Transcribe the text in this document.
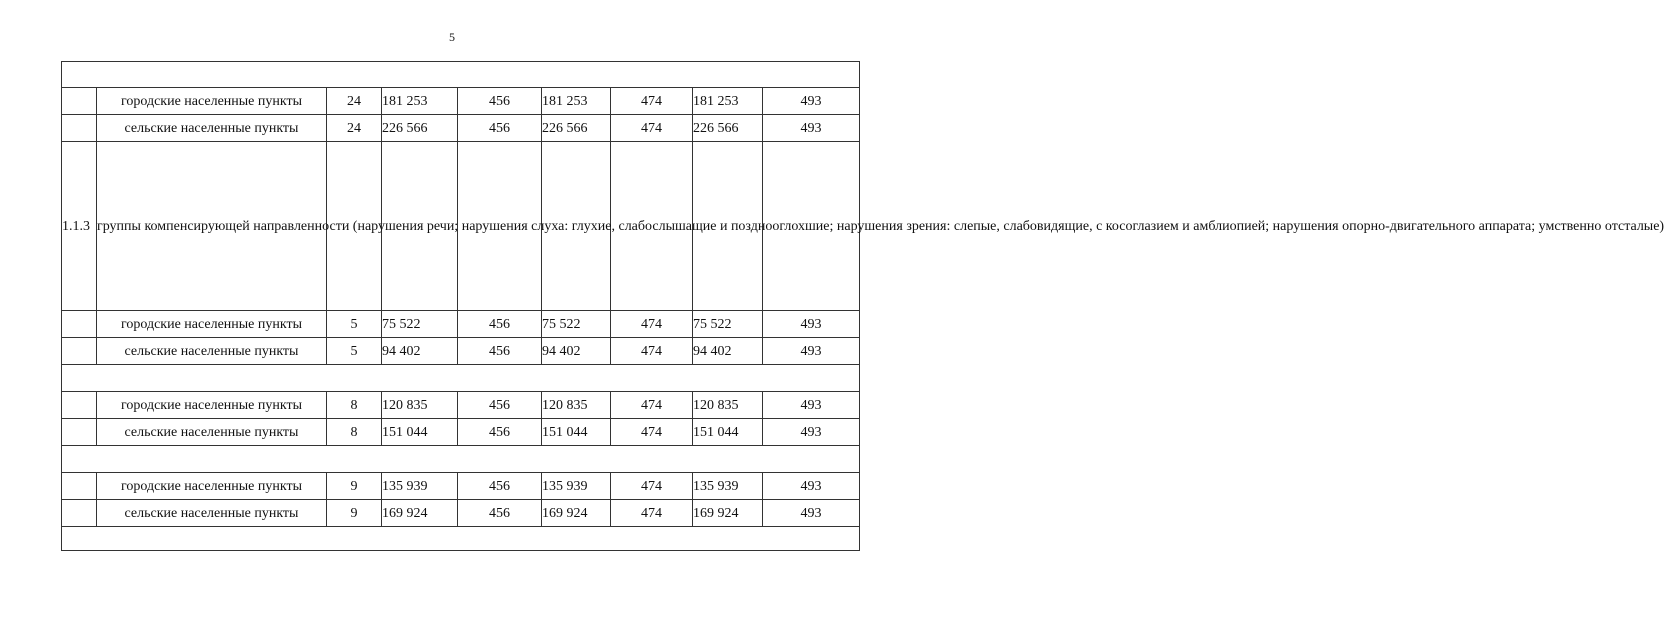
5

	городские населенные пункты	24	181 253	456	181 253	474	181 253	493
	сельские населенные пункты	24	226 566	456	226 566	474	226 566	493
1.1.3	группы компенсирующей направленности (нарушения речи; нарушения слуха: глухие, слабослышащие и позднооглохшие; нарушения зрения: слепые, слабовидящие, с косоглазием и амблиопией; нарушения опорно-двигательного аппарата; умственно отсталые)							
	городские населенные пункты	5	75 522	456	75 522	474	75 522	493
	сельские населенные пункты	5	94 402	456	94 402	474	94 402	493

	городские населенные пункты	8	120 835	456	120 835	474	120 835	493
	сельские населенные пункты	8	151 044	456	151 044	474	151 044	493

	городские населенные пункты	9	135 939	456	135 939	474	135 939	493
	сельские населенные пункты	9	169 924	456	169 924	474	169 924	493
